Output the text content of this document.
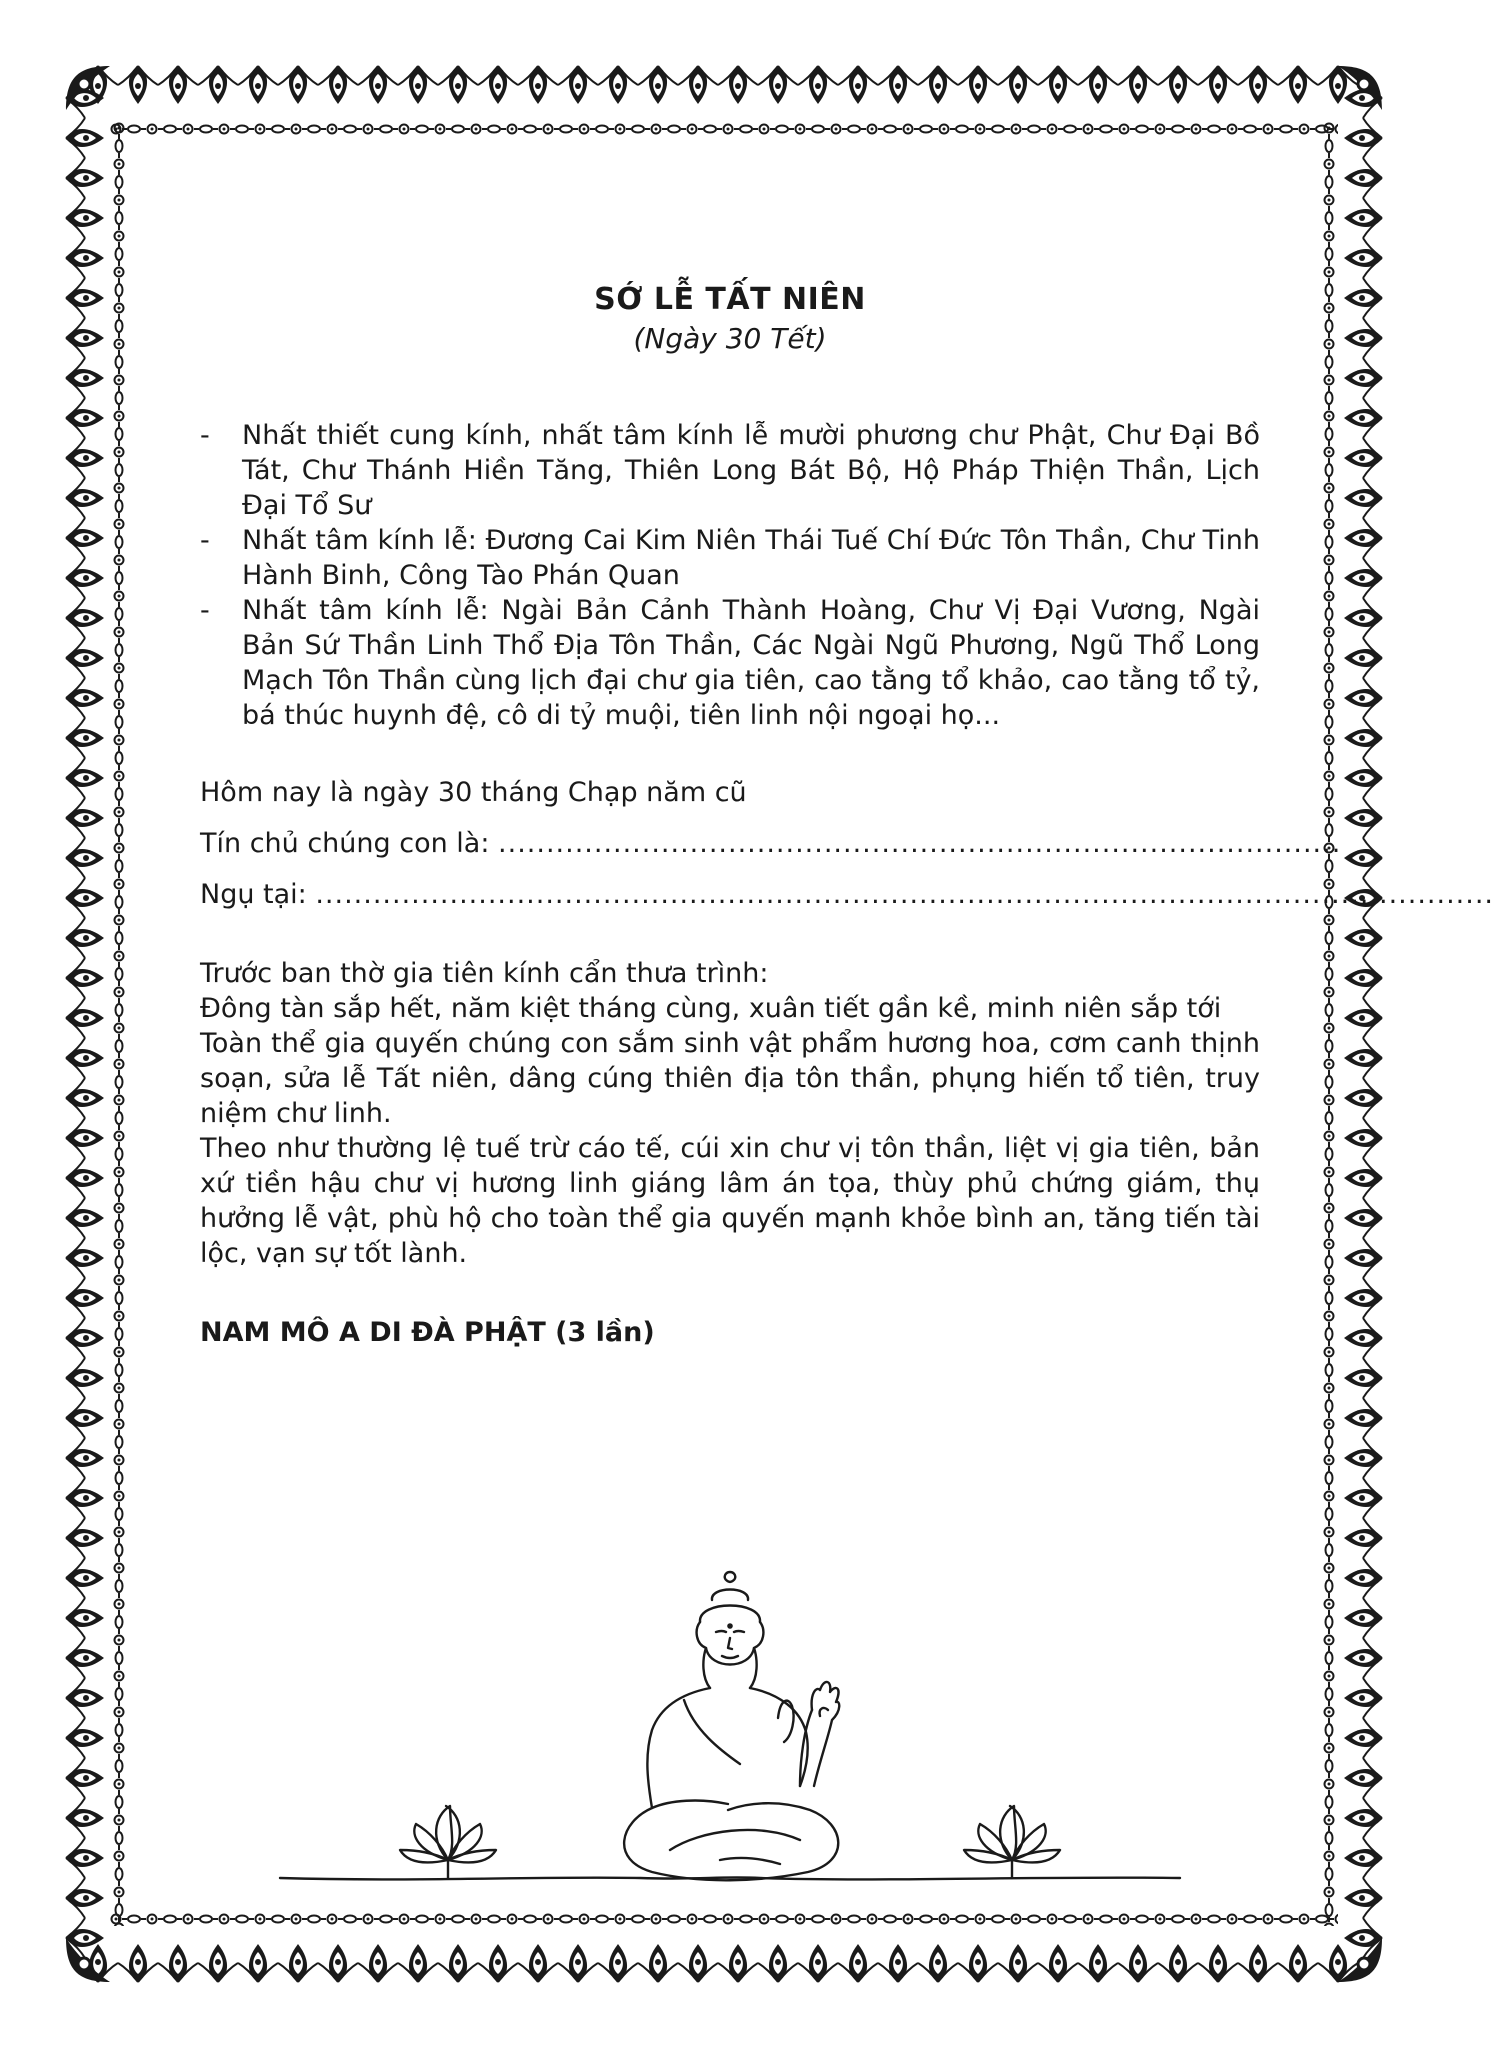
SỚ LỄ TẤT NIÊN

(Ngày 30 Tết)

- Nhất thiết cung kính, nhất tâm kính lễ mười phương chư Phật, Chư Đại Bồ Tát, Chư Thánh Hiền Tăng, Thiên Long Bát Bộ, Hộ Pháp Thiện Thần, Lịch Đại Tổ Sư
- Nhất tâm kính lễ: Đương Cai Kim Niên Thái Tuế Chí Đức Tôn Thần, Chư Tinh Hành Binh, Công Tào Phán Quan
- Nhất tâm kính lễ: Ngài Bản Cảnh Thành Hoàng, Chư Vị Đại Vương, Ngài Bản Sứ Thần Linh Thổ Địa Tôn Thần, Các Ngài Ngũ Phương, Ngũ Thổ Long Mạch Tôn Thần cùng lịch đại chư gia tiên, cao tằng tổ khảo, cao tằng tổ tỷ, bá thúc huynh đệ, cô di tỷ muội, tiên linh nội ngoại họ...

Hôm nay là ngày 30 tháng Chạp năm cũ

Tín chủ chúng con là: ........................................................................................
Ngụ tại: ...........................................................................................................................

Trước ban thờ gia tiên kính cẩn thưa trình:

Đông tàn sắp hết, năm kiệt tháng cùng, xuân tiết gần kề, minh niên sắp tới

Toàn thể gia quyến chúng con sắm sinh vật phẩm hương hoa, cơm canh thịnh soạn, sửa lễ Tất niên, dâng cúng thiên địa tôn thần, phụng hiến tổ tiên, truy niệm chư linh.

Theo như thường lệ tuế trừ cáo tế, cúi xin chư vị tôn thần, liệt vị gia tiên, bản xứ tiền hậu chư vị hương linh giáng lâm án tọa, thùy phủ chứng giám, thụ hưởng lễ vật, phù hộ cho toàn thể gia quyến mạnh khỏe bình an, tăng tiến tài lộc, vạn sự tốt lành.

NAM MÔ A DI ĐÀ PHẬT (3 lần)
